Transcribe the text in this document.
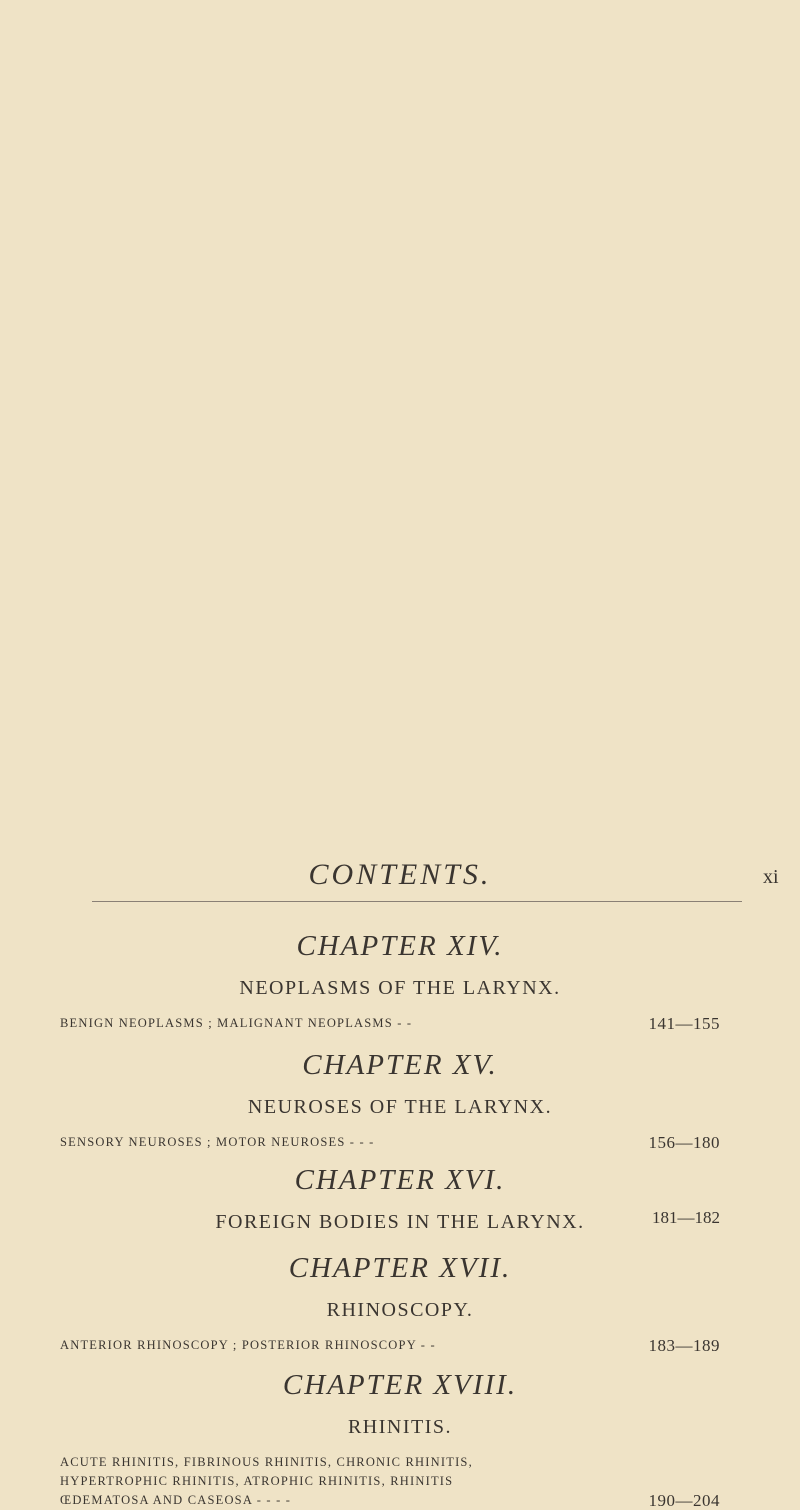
CONTENTS.	xi
CHAPTER XIV.
NEOPLASMS OF THE LARYNX.
BENIGN NEOPLASMS ; MALIGNANT NEOPLASMS - -	141—155
CHAPTER XV.
NEUROSES OF THE LARYNX.
SENSORY NEUROSES ; MOTOR NEUROSES - - -	156—180
CHAPTER XVI.
FOREIGN BODIES IN THE LARYNX.	181—182
CHAPTER XVII.
RHINOSCOPY.
ANTERIOR RHINOSCOPY ; POSTERIOR RHINOSCOPY - -	183—189
CHAPTER XVIII.
RHINITIS.
ACUTE RHINITIS, FIBRINOUS RHINITIS, CHRONIC RHINITIS,
HYPERTROPHIC RHINITIS, ATROPHIC RHINITIS, RHINITIS
ŒDEMATOSA AND CASEOSA - - - -	190—204
